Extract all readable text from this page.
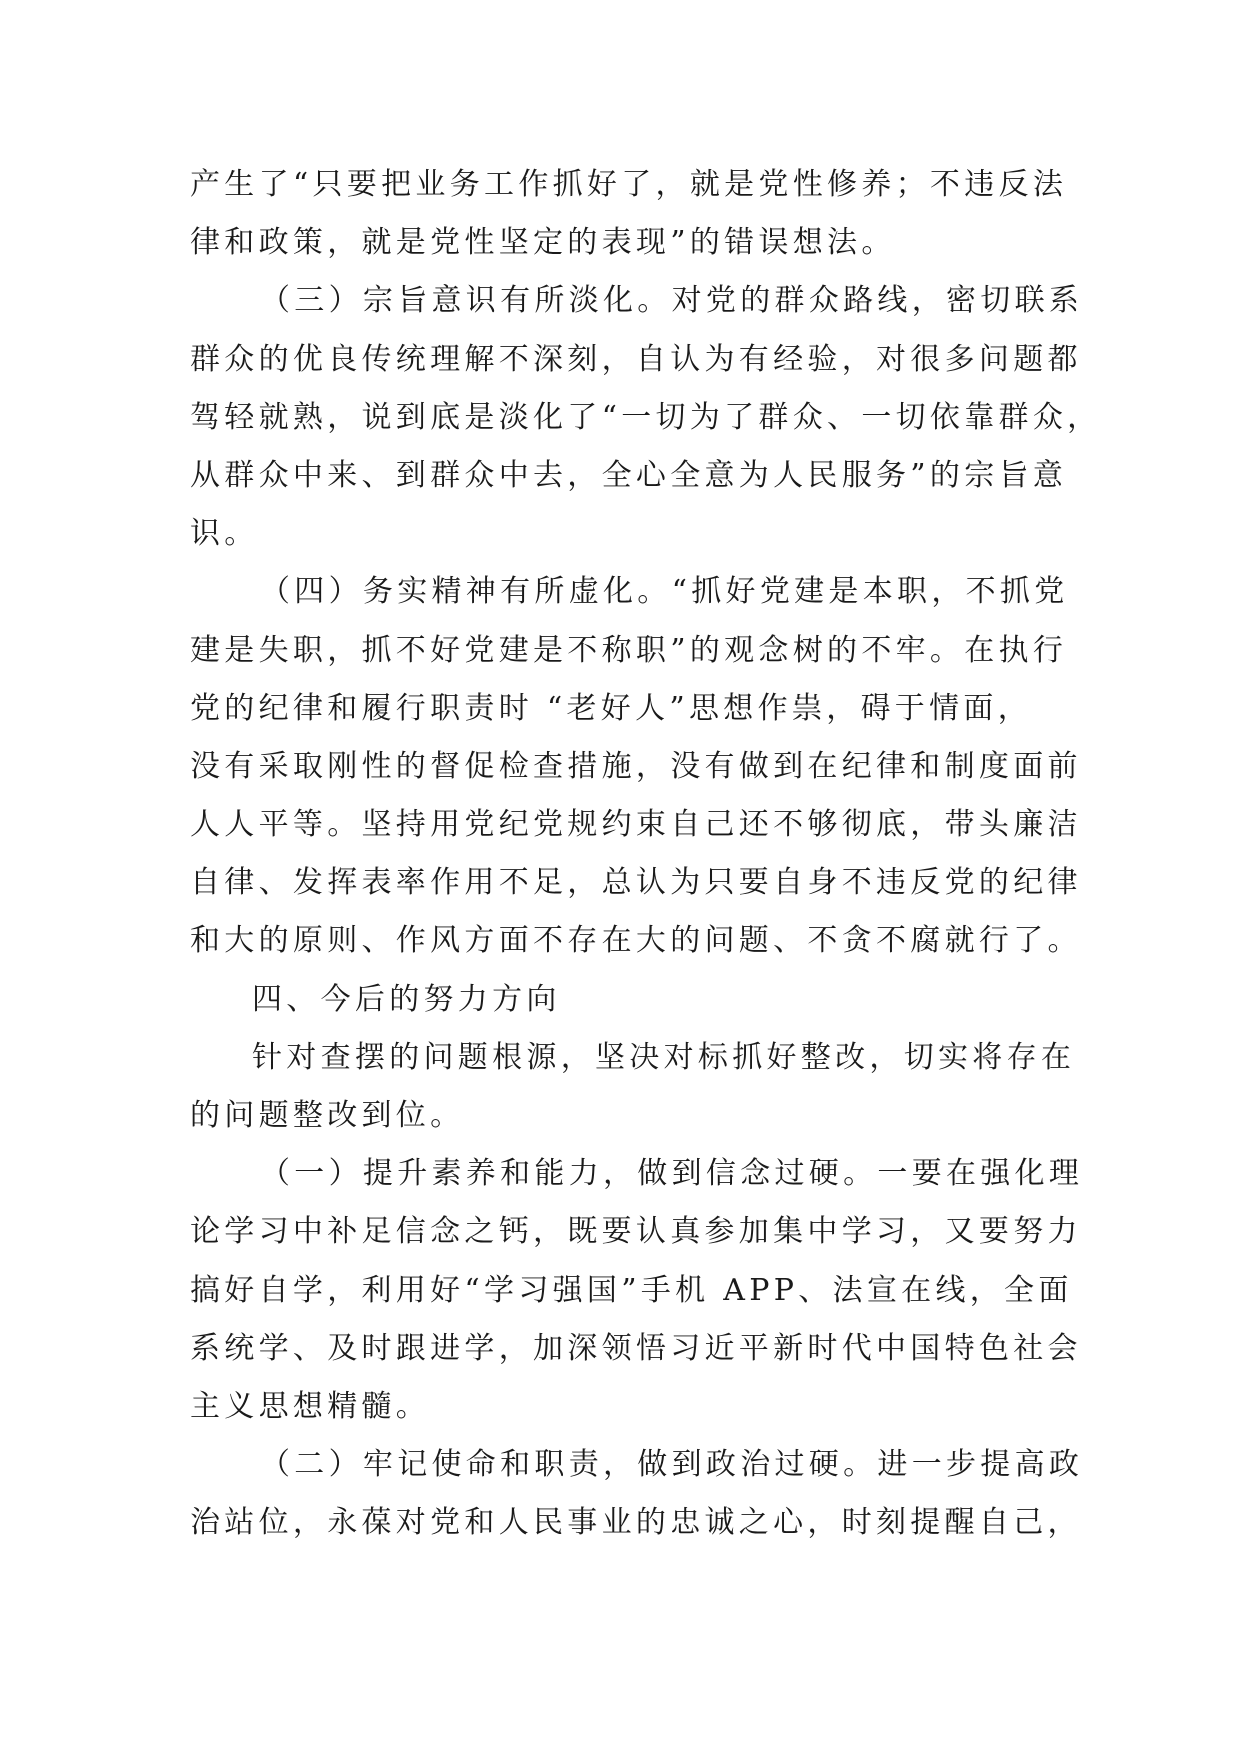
产生了“只要把业务工作抓好了，就是党性修养；不违反法
律和政策，就是党性坚定的表现”的错误想法。
（三）宗旨意识有所淡化。对党的群众路线，密切联系
群众的优良传统理解不深刻，自认为有经验，对很多问题都
驾轻就熟，说到底是淡化了“一切为了群众、一切依靠群众，
从群众中来、到群众中去，全心全意为人民服务”的宗旨意
识。
（四）务实精神有所虚化。“抓好党建是本职，不抓党
建是失职，抓不好党建是不称职”的观念树的不牢。在执行
党的纪律和履行职责时 “老好人”思想作祟，碍于情面，
没有采取刚性的督促检查措施，没有做到在纪律和制度面前
人人平等。坚持用党纪党规约束自己还不够彻底，带头廉洁
自律、发挥表率作用不足，总认为只要自身不违反党的纪律
和大的原则、作风方面不存在大的问题、不贪不腐就行了。
四、今后的努力方向
针对查摆的问题根源，坚决对标抓好整改，切实将存在
的问题整改到位。
（一）提升素养和能力，做到信念过硬。一要在强化理
论学习中补足信念之钙，既要认真参加集中学习，又要努力
搞好自学，利用好“学习强国”手机 APP、法宣在线，全面
系统学、及时跟进学，加深领悟习近平新时代中国特色社会
主义思想精髓。
（二）牢记使命和职责，做到政治过硬。进一步提高政
治站位，永葆对党和人民事业的忠诚之心，时刻提醒自己，
